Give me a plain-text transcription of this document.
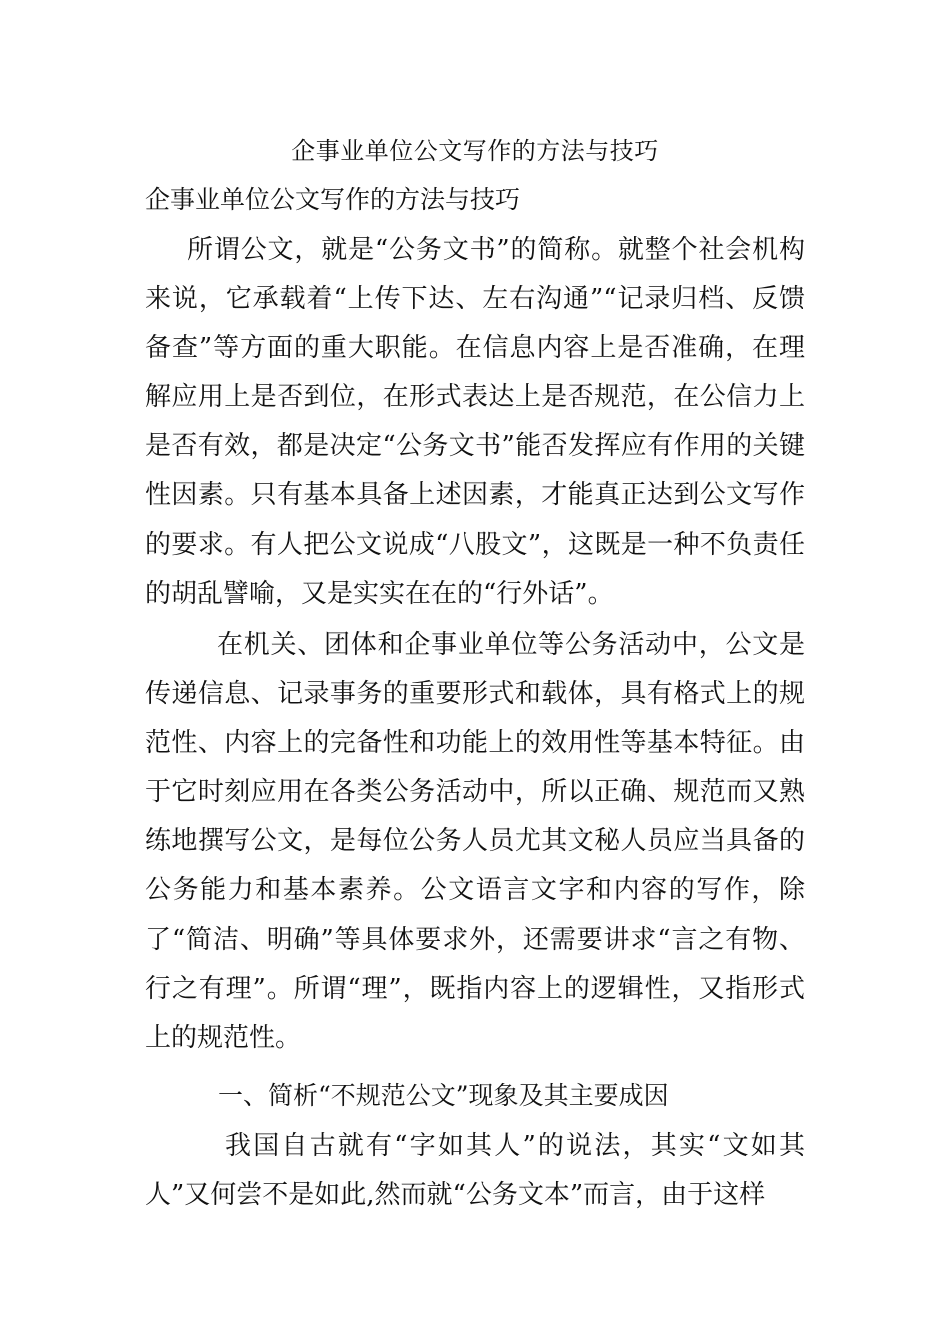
企事业单位公文写作的方法与技巧
企事业单位公文写作的方法与技巧

所谓公文，就是“公务文书”的简称。就整个社会机构来说，它承载着“上传下达、左右沟通”“记录归档、反馈备查”等方面的重大职能。在信息内容上是否准确，在理解应用上是否到位，在形式表达上是否规范，在公信力上是否有效，都是决定“公务文书”能否发挥应有作用的关键性因素。只有基本具备上述因素，才能真正达到公文写作的要求。有人把公文说成“八股文”，这既是一种不负责任的胡乱譬喻，又是实实在在的“行外话”。

在机关、团体和企事业单位等公务活动中，公文是传递信息、记录事务的重要形式和载体，具有格式上的规范性、内容上的完备性和功能上的效用性等基本特征。由于它时刻应用在各类公务活动中，所以正确、规范而又熟练地撰写公文，是每位公务人员尤其文秘人员应当具备的公务能力和基本素养。公文语言文字和内容的写作，除了“简洁、明确”等具体要求外，还需要讲求“言之有物、行之有理”。所谓“理”，既指内容上的逻辑性，又指形式上的规范性。

一、简析“不规范公文”现象及其主要成因

我国自古就有“字如其人”的说法，其实“文如其人”又何尝不是如此,然而就“公务文本”而言，由于这样
